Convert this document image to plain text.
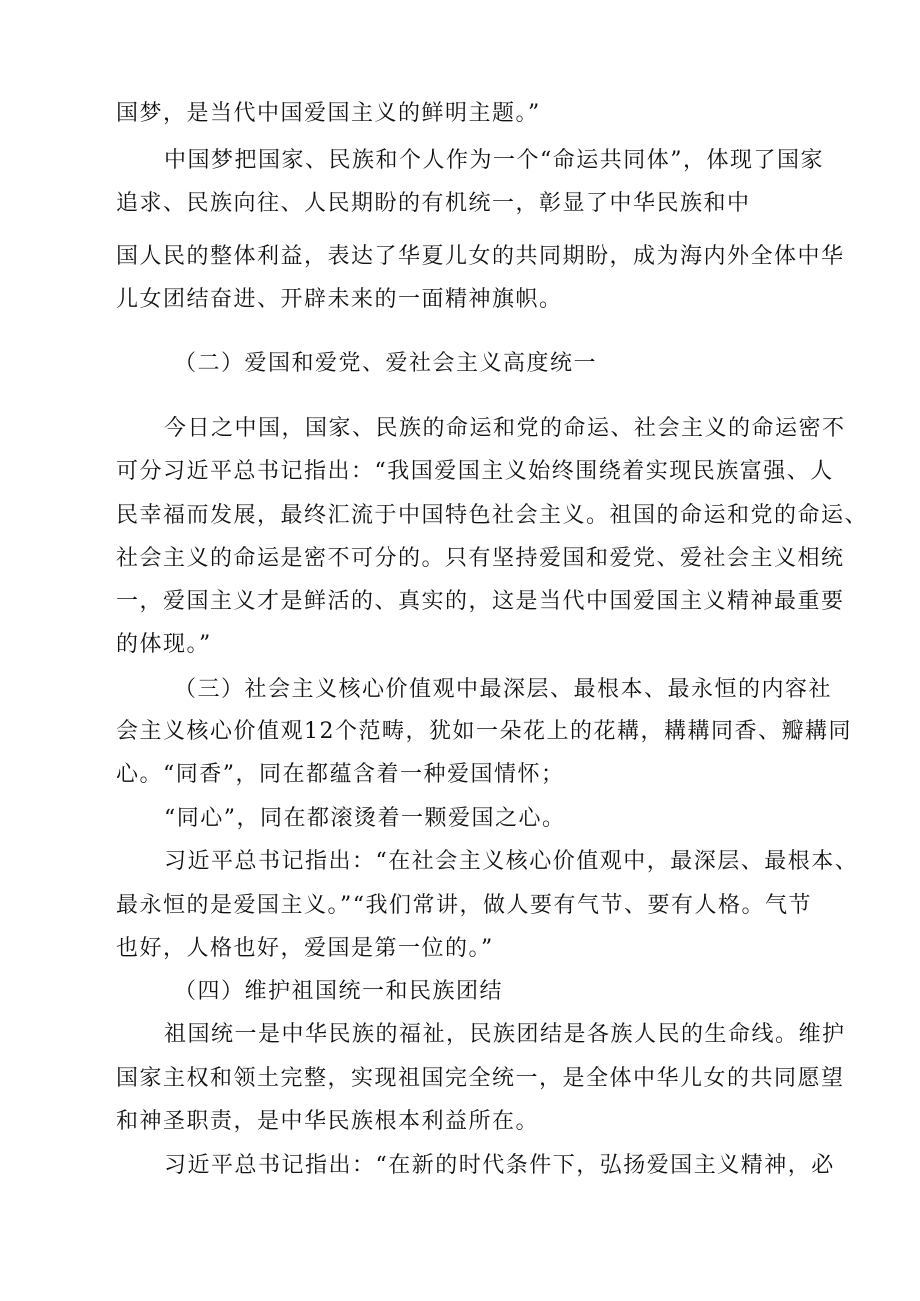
国梦，是当代中国爱国主义的鲜明主题。”
中国梦把国家、民族和个人作为一个“命运共同体”，体现了国家
追求、民族向往、人民期盼的有机统一，彰显了中华民族和中
国人民的整体利益，表达了华夏儿女的共同期盼，成为海内外全体中华
儿女团结奋进、开辟未来的一面精神旗帜。
（二）爱国和爱党、爱社会主义高度统一
今日之中国，国家、民族的命运和党的命运、社会主义的命运密不
可分习近平总书记指出：“我国爱国主义始终围绕着实现民族富强、人
民幸福而发展，最终汇流于中国特色社会主义。祖国的命运和党的命运、
社会主义的命运是密不可分的。只有坚持爱国和爱党、爱社会主义相统
一，爱国主义才是鲜活的、真实的，这是当代中国爱国主义精神最重要
的体现。”
（三）社会主义核心价值观中最深层、最根本、最永恒的内容社
会主义核心价值观12个范畴，犹如一朵花上的花耩，耩耩同香、瓣耩同
心。“同香”，同在都蕴含着一种爱国情怀；
“同心”，同在都滚烫着一颗爱国之心。
习近平总书记指出：“在社会主义核心价值观中，最深层、最根本、
最永恒的是爱国主义。”“我们常讲，做人要有气节、要有人格。气节
也好，人格也好，爱国是第一位的。”
（四）维护祖国统一和民族团结
祖国统一是中华民族的福祉，民族团结是各族人民的生命线。维护
国家主权和领土完整，实现祖国完全统一，是全体中华儿女的共同愿望
和神圣职责，是中华民族根本利益所在。
习近平总书记指出：“在新的时代条件下，弘扬爱国主义精神，必
